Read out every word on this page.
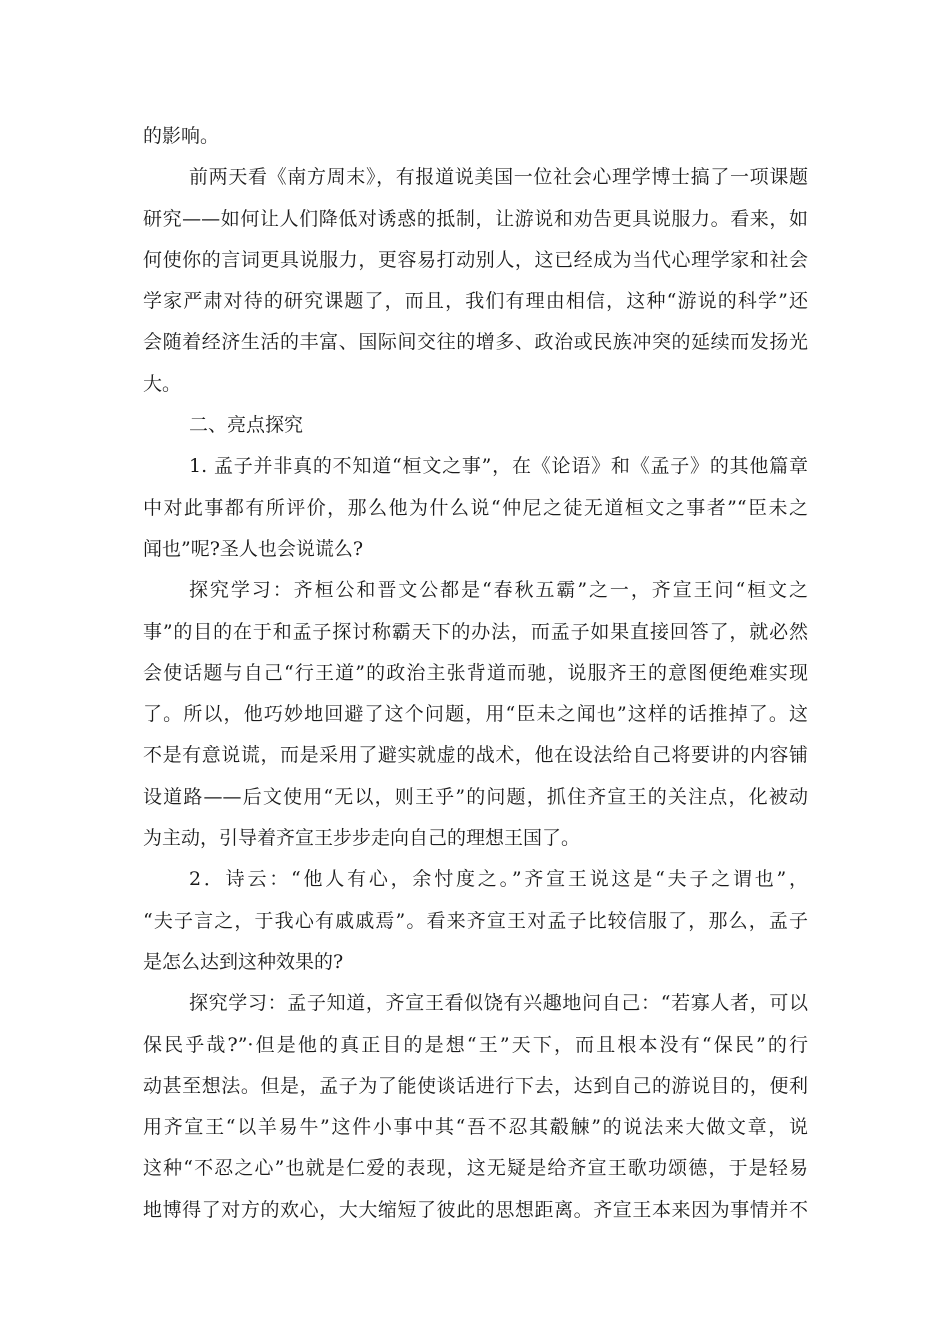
的影响。
前两天看《南方周末》，有报道说美国一位社会心理学博士搞了一项课题
研究——如何让人们降低对诱惑的抵制，让游说和劝告更具说服力。看来，如
何使你的言词更具说服力，更容易打动别人，这已经成为当代心理学家和社会
学家严肃对待的研究课题了，而且，我们有理由相信，这种“游说的科学”还
会随着经济生活的丰富、国际间交往的增多、政治或民族冲突的延续而发扬光
大。
二、亮点探究
1. 孟子并非真的不知道“桓文之事”，在《论语》和《孟子》的其他篇章
中对此事都有所评价，那么他为什么说“仲尼之徒无道桓文之事者”“臣未之
闻也”呢?圣人也会说谎么?
探究学习：齐桓公和晋文公都是“春秋五霸”之一，齐宣王问“桓文之
事”的目的在于和孟子探讨称霸天下的办法，而孟子如果直接回答了，就必然
会使话题与自己“行王道”的政治主张背道而驰，说服齐王的意图便绝难实现
了。所以，他巧妙地回避了这个问题，用“臣未之闻也”这样的话推掉了。这
不是有意说谎，而是采用了避实就虚的战术，他在设法给自己将要讲的内容铺
设道路——后文使用“无以，则王乎”的问题，抓住齐宣王的关注点，化被动
为主动，引导着齐宣王步步走向自己的理想王国了。
2．诗云：“他人有心，余忖度之。”齐宣王说这是“夫子之谓也”，
“夫子言之，于我心有戚戚焉”。看来齐宣王对孟子比较信服了，那么，孟子
是怎么达到这种效果的?
探究学习：孟子知道，齐宣王看似饶有兴趣地问自己：“若寡人者，可以
保民乎哉?”·但是他的真正目的是想“王”天下，而且根本没有“保民”的行
动甚至想法。但是，孟子为了能使谈话进行下去，达到自己的游说目的，便利
用齐宣王“以羊易牛”这件小事中其“吾不忍其觳觫”的说法来大做文章，说
这种“不忍之心”也就是仁爱的表现，这无疑是给齐宣王歌功颂德，于是轻易
地博得了对方的欢心，大大缩短了彼此的思想距离。齐宣王本来因为事情并不
